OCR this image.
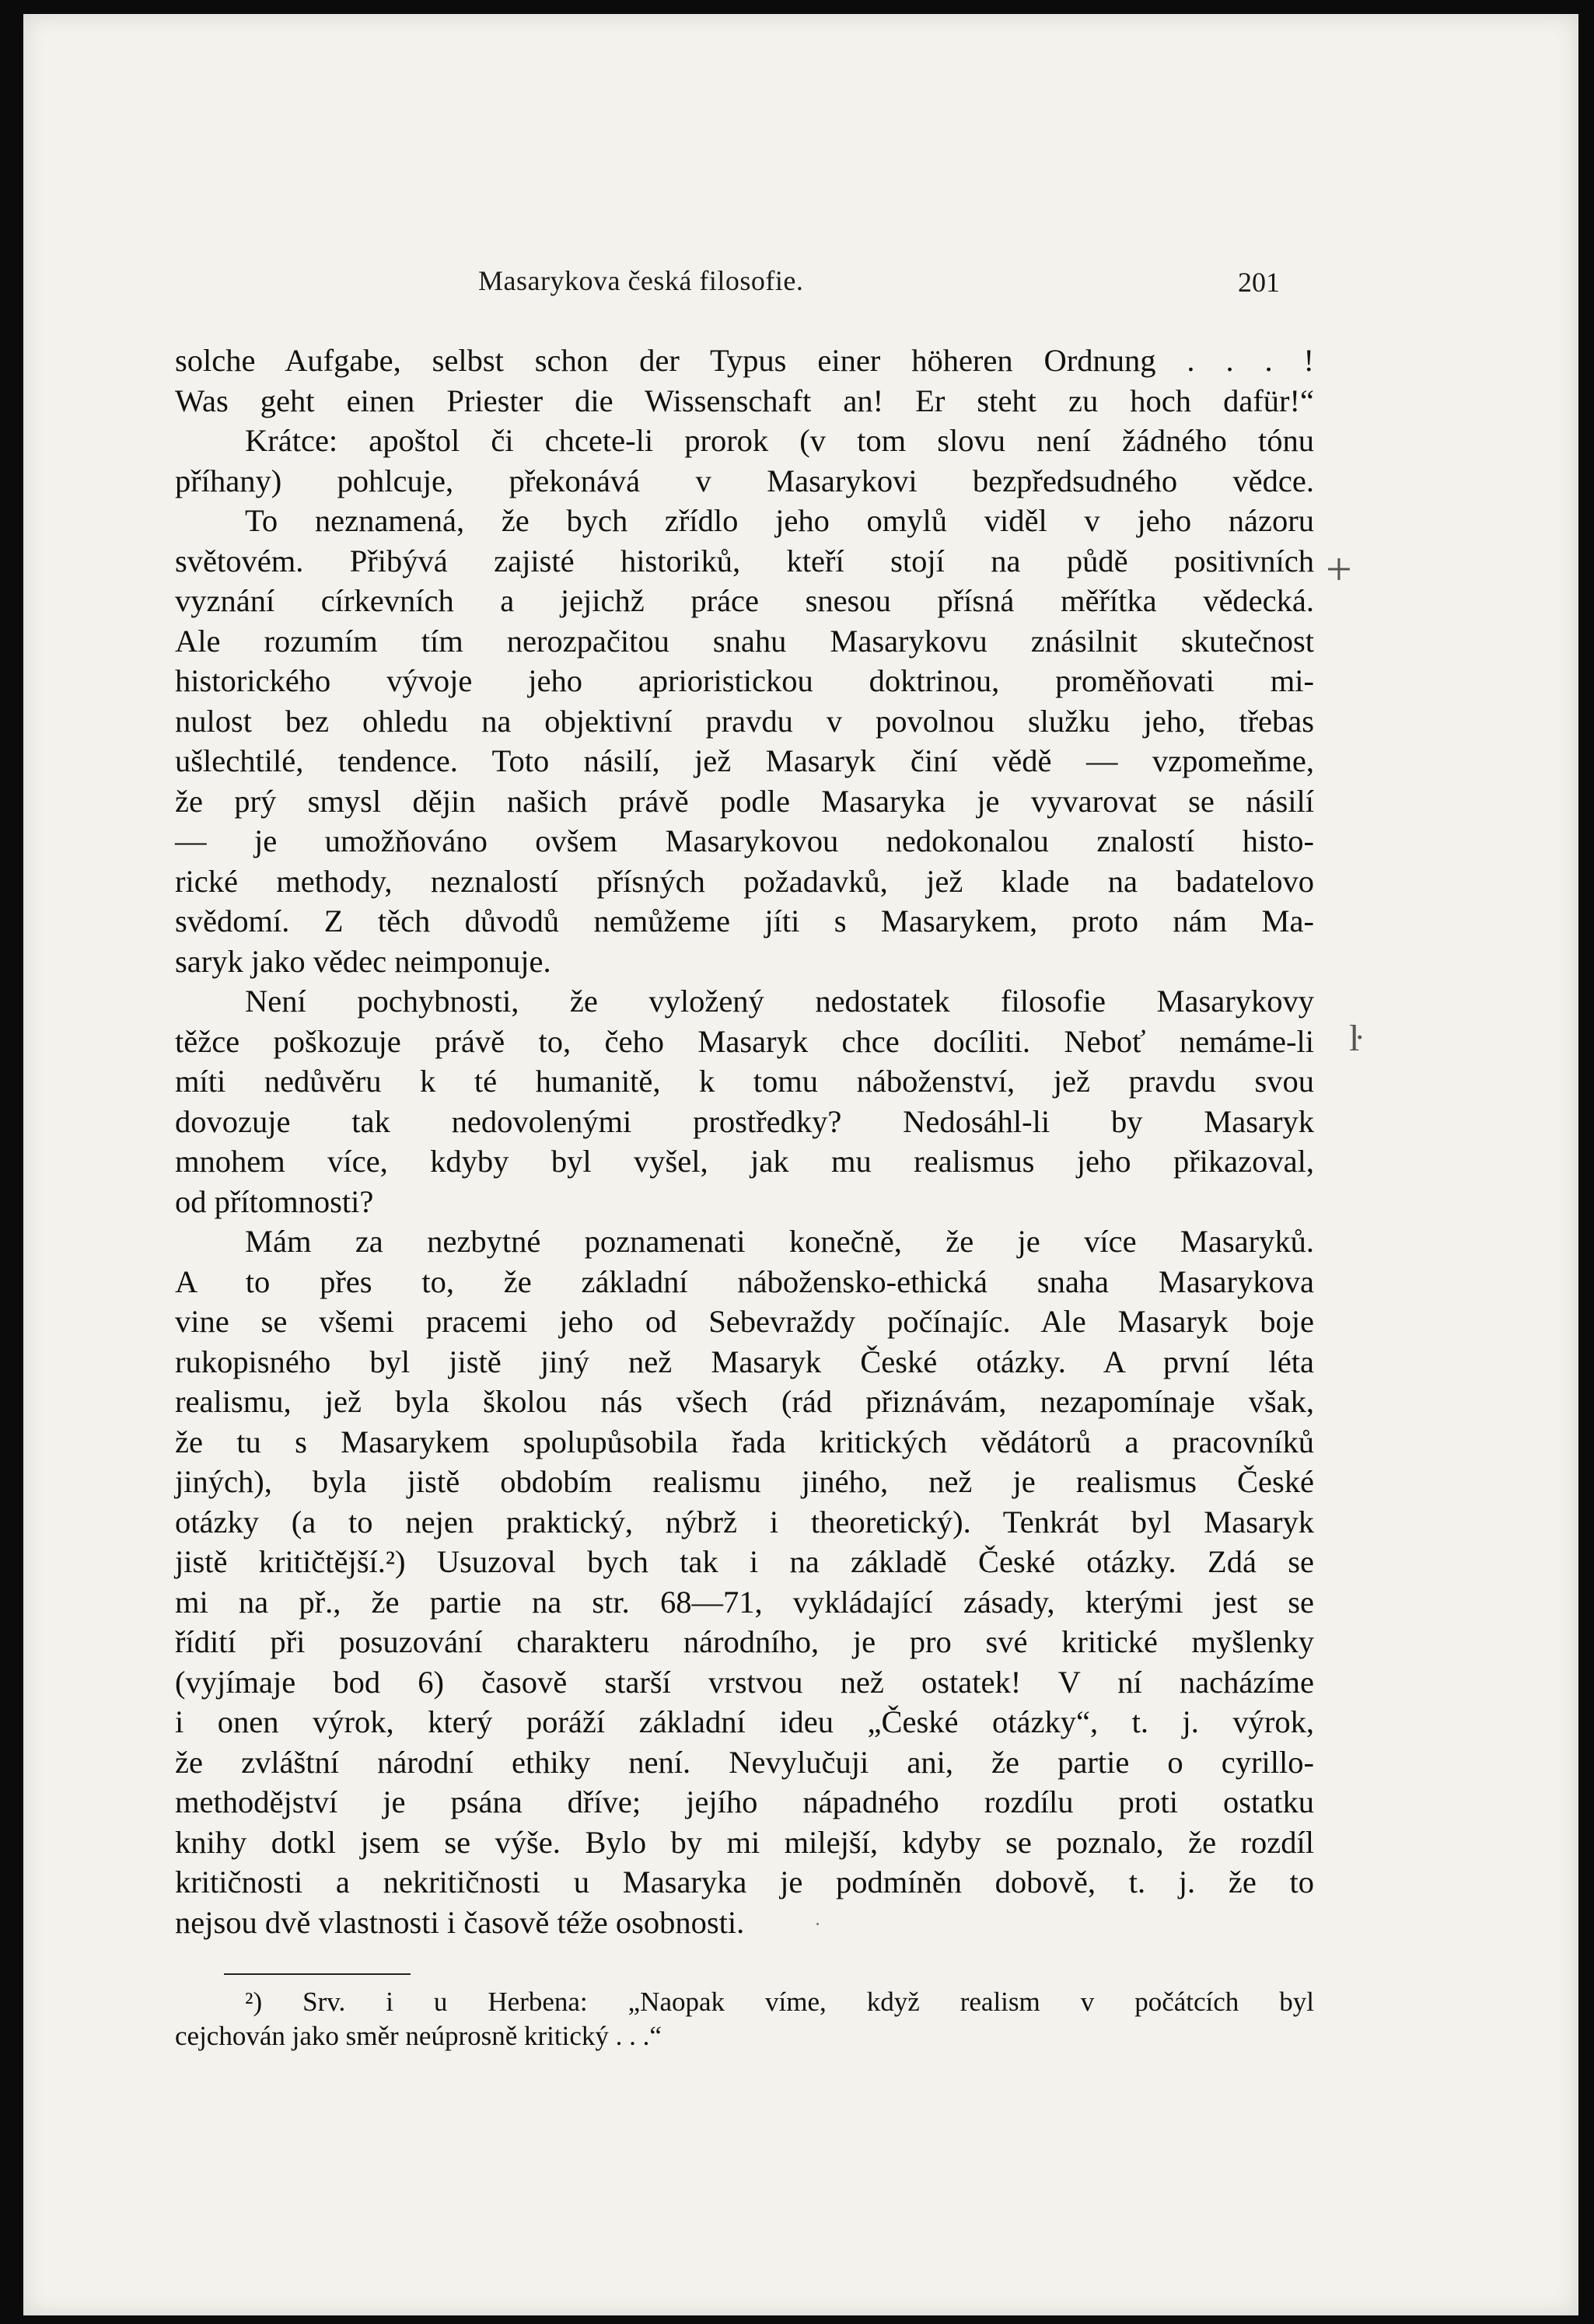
Masarykova česká filosofie.	201

solche Aufgabe, selbst schon der Typus einer höheren Ordnung . . . !

Was geht einen Priester die Wissenschaft an! Er steht zu hoch dafür!“

Krátce: apoštol či chcete-li prorok (v tom slovu není žádného tónu

příhany) pohlcuje, překonává v Masarykovi bezpředsudného vědce.

To neznamená, že bych zřídlo jeho omylů viděl v jeho názoru

světovém. Přibývá zajisté historiků, kteří stojí na půdě positivních

vyznání církevních a jejichž práce snesou přísná měřítka vědecká.

Ale rozumím tím nerozpačitou snahu Masarykovu znásilnit skutečnost

historického vývoje jeho aprioristickou doktrinou, proměňovati mi-

nulost bez ohledu na objektivní pravdu v povolnou služku jeho, třebas

ušlechtilé, tendence. Toto násilí, jež Masaryk činí vědě — vzpomeňme,

že prý smysl dějin našich právě podle Masaryka je vyvarovat se násilí

— je umožňováno ovšem Masarykovou nedokonalou znalostí histo-

rické methody, neznalostí přísných požadavků, jež klade na badatelovo

svědomí. Z těch důvodů nemůžeme jíti s Masarykem, proto nám Ma-

saryk jako vědec neimponuje.

Není pochybnosti, že vyložený nedostatek filosofie Masarykovy

těžce poškozuje právě to, čeho Masaryk chce docíliti. Neboť nemáme-li

míti nedůvěru k té humanitě, k tomu náboženství, jež pravdu svou

dovozuje tak nedovolenými prostředky? Nedosáhl-li by Masaryk

mnohem více, kdyby byl vyšel, jak mu realismus jeho přikazoval,

od přítomnosti?

Mám za nezbytné poznamenati konečně, že je více Masaryků.

A to přes to, že základní nábožensko-ethická snaha Masarykova

vine se všemi pracemi jeho od Sebevraždy počínajíc. Ale Masaryk boje

rukopisného byl jistě jiný než Masaryk České otázky. A první léta

realismu, jež byla školou nás všech (rád přiznávám, nezapomínaje však,

že tu s Masarykem spolupůsobila řada kritických vědátorů a pracovníků

jiných), byla jistě obdobím realismu jiného, než je realismus České

otázky (a to nejen praktický, nýbrž i theoretický). Tenkrát byl Masaryk

jistě kritičtější.²) Usuzoval bych tak i na základě České otázky. Zdá se

mi na př., že partie na str. 68—71, vykládající zásady, kterými jest se

řídití při posuzování charakteru národního, je pro své kritické myšlenky

(vyjímaje bod 6) časově starší vrstvou než ostatek! V ní nacházíme

i onen výrok, který poráží základní ideu „České otázky“, t. j. výrok,

že zvláštní národní ethiky není. Nevylučuji ani, že partie o cyrillo-

methodějství je psána dříve; jejího nápadného rozdílu proti ostatku

knihy dotkl jsem se výše. Bylo by mi milejší, kdyby se poznalo, že rozdíl

kritičnosti a nekritičnosti u Masaryka je podmíněn dobově, t. j. že to

nejsou dvě vlastnosti i časově téže osobnosti.

²) Srv. i u Herbena: „Naopak víme, když realism v počátcích byl

cejchován jako směr neúprosně kritický . . .“

+
ŀ
